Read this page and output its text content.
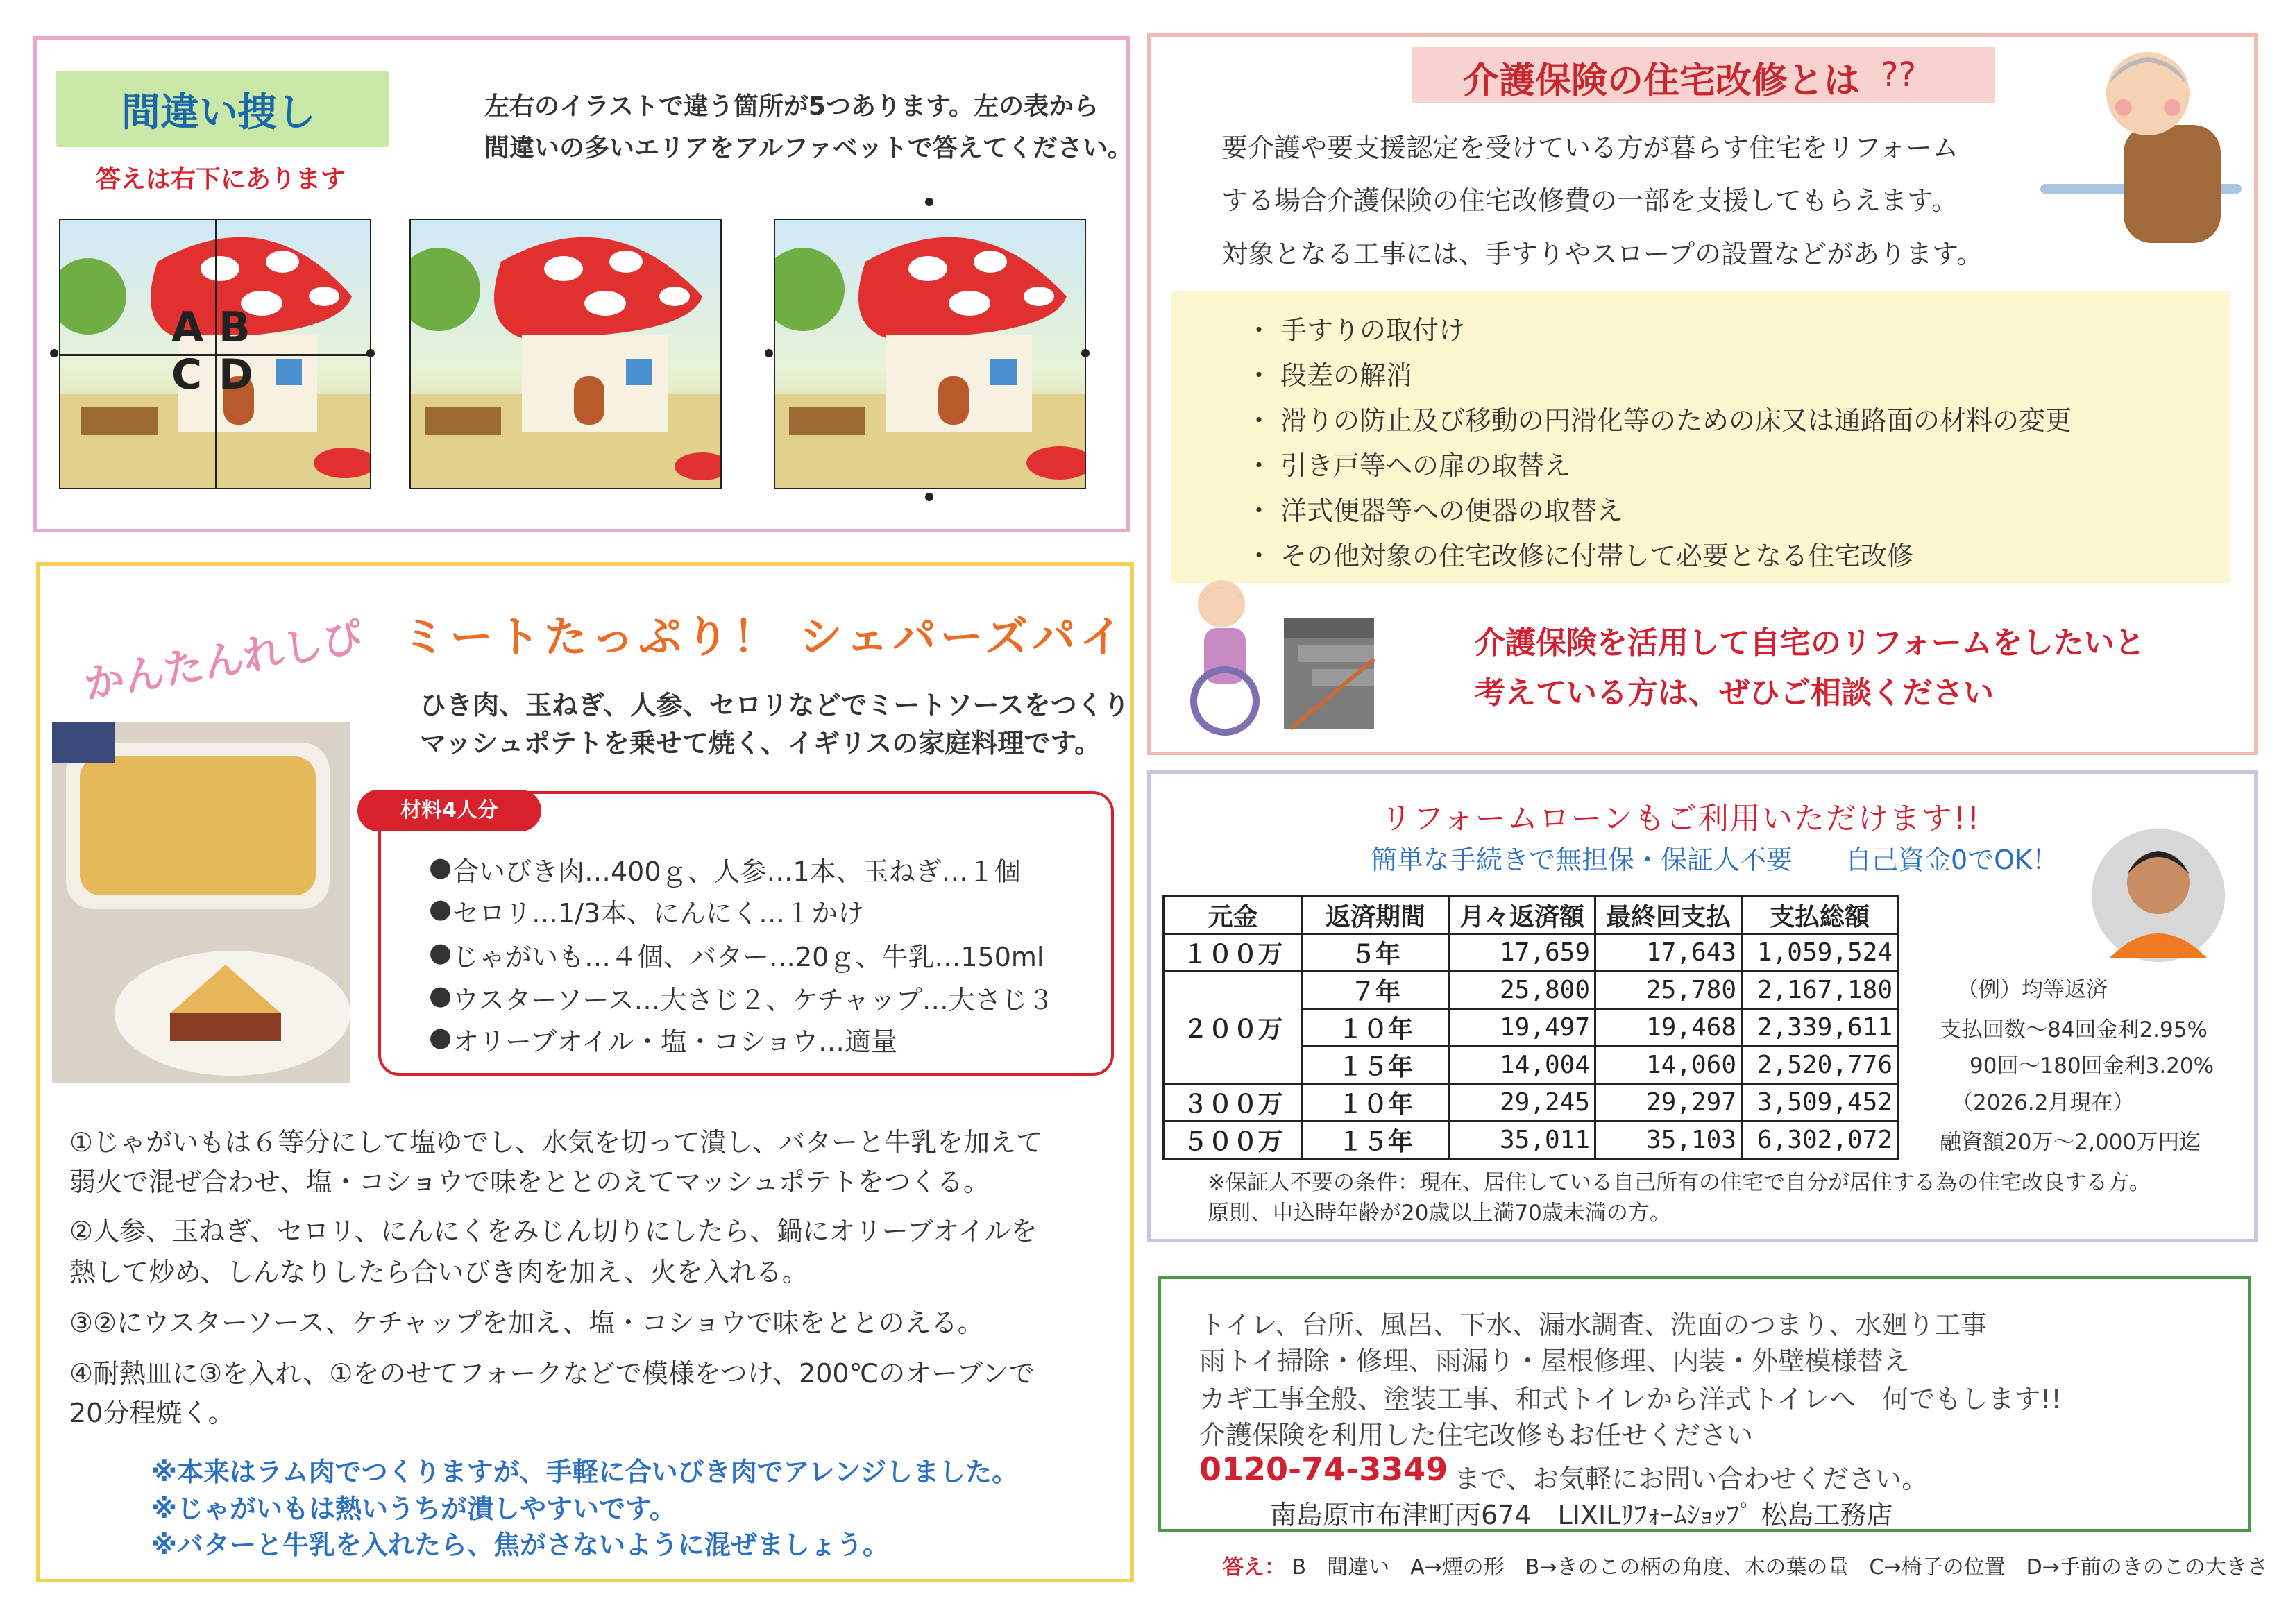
間違い捜し
答えは右下にあります
左右のイラストで違う箇所が5つあります。左の表から
間違いの多いエリアをアルファベットで答えてください。
A B
C D
介護保険の住宅改修とは ??
要介護や要支援認定を受けている方が暮らす住宅をリフォーム
する場合介護保険の住宅改修費の一部を支援してもらえます。
対象となる工事には、手すりやスロープの設置などがあります。
・ 手すりの取付け
・ 段差の解消
・ 滑りの防止及び移動の円滑化等のための床又は通路面の材料の変更
・ 引き戸等への扉の取替え
・ 洋式便器等への便器の取替え
・ その他対象の住宅改修に付帯して必要となる住宅改修
介護保険を活用して自宅のリフォームをしたいと
考えている方は、ぜひご相談ください
かんたんれしぴ ミートたっぷり！ シェパーズパイ
ひき肉、玉ねぎ、人参、セロリなどでミートソースをつくり
マッシュポテトを乗せて焼く、イギリスの家庭料理です。
材料4人分
● 合いびき肉…400ｇ、人参…1本、玉ねぎ…１個
● セロリ…1/3本、にんにく…１かけ
● じゃがいも…４個、バター…20ｇ、牛乳…150ml
● ウスターソース…大さじ２、ケチャップ…大さじ３
● オリーブオイル・塩・コショウ…適量
①じゃがいもは６等分にして塩ゆでし、水気を切って潰し、バターと牛乳を加えて
弱火で混ぜ合わせ、塩・コショウで味をととのえてマッシュポテトをつくる。
②人参、玉ねぎ、セロリ、にんにくをみじん切りにしたら、鍋にオリーブオイルを
熱して炒め、しんなりしたら合いびき肉を加え、火を入れる。
③②にウスターソース、ケチャップを加え、塩・コショウで味をととのえる。
④耐熱皿に③を入れ、①をのせてフォークなどで模様をつけ、200℃のオーブンで
20分程焼く。
※本来はラム肉でつくりますが、手軽に合いびき肉でアレンジしました。
※じゃがいもは熱いうちが潰しやすいです。
※バターと牛乳を入れたら、焦がさないように混ぜましょう。
リフォームローンもご利用いただけます!!
簡単な手続きで無担保・保証人不要　　自己資金0でOK！
元金	返済期間	月々返済額	最終回支払	支払総額
１００万	５年	17,659	17,643	1,059,524
２００万	７年	25,800	25,780	2,167,180
	１０年	19,497	19,468	2,339,611
	１５年	14,004	14,060	2,520,776
３００万	１０年	29,245	29,297	3,509,452
５００万	１５年	35,011	35,103	6,302,072
（例）均等返済
支払回数～84回金利2.95%
90回～180回金利3.20%
（2026.2月現在）
融資額20万～2,000万円迄
※保証人不要の条件：現在、居住している自己所有の住宅で自分が居住する為の住宅改良する方。
原則、申込時年齢が20歳以上満70歳未満の方。
トイレ、台所、風呂、下水、漏水調査、洗面のつまり、水廻り工事
雨トイ掃除・修理、雨漏り・屋根修理、内装・外壁模様替え
カギ工事全般、塗装工事、和式トイレから洋式トイレへ　何でもします!!
介護保険を利用した住宅改修もお任せください
0120-74-3349 まで、お気軽にお問い合わせください。
南島原市布津町丙674　LIXILﾘﾌｫｰﾑｼｮｯﾌﾟ 松島工務店
答え： B　間違い　A→煙の形　B→きのこの柄の角度、木の葉の量　C→椅子の位置　D→手前のきのこの大きさ
